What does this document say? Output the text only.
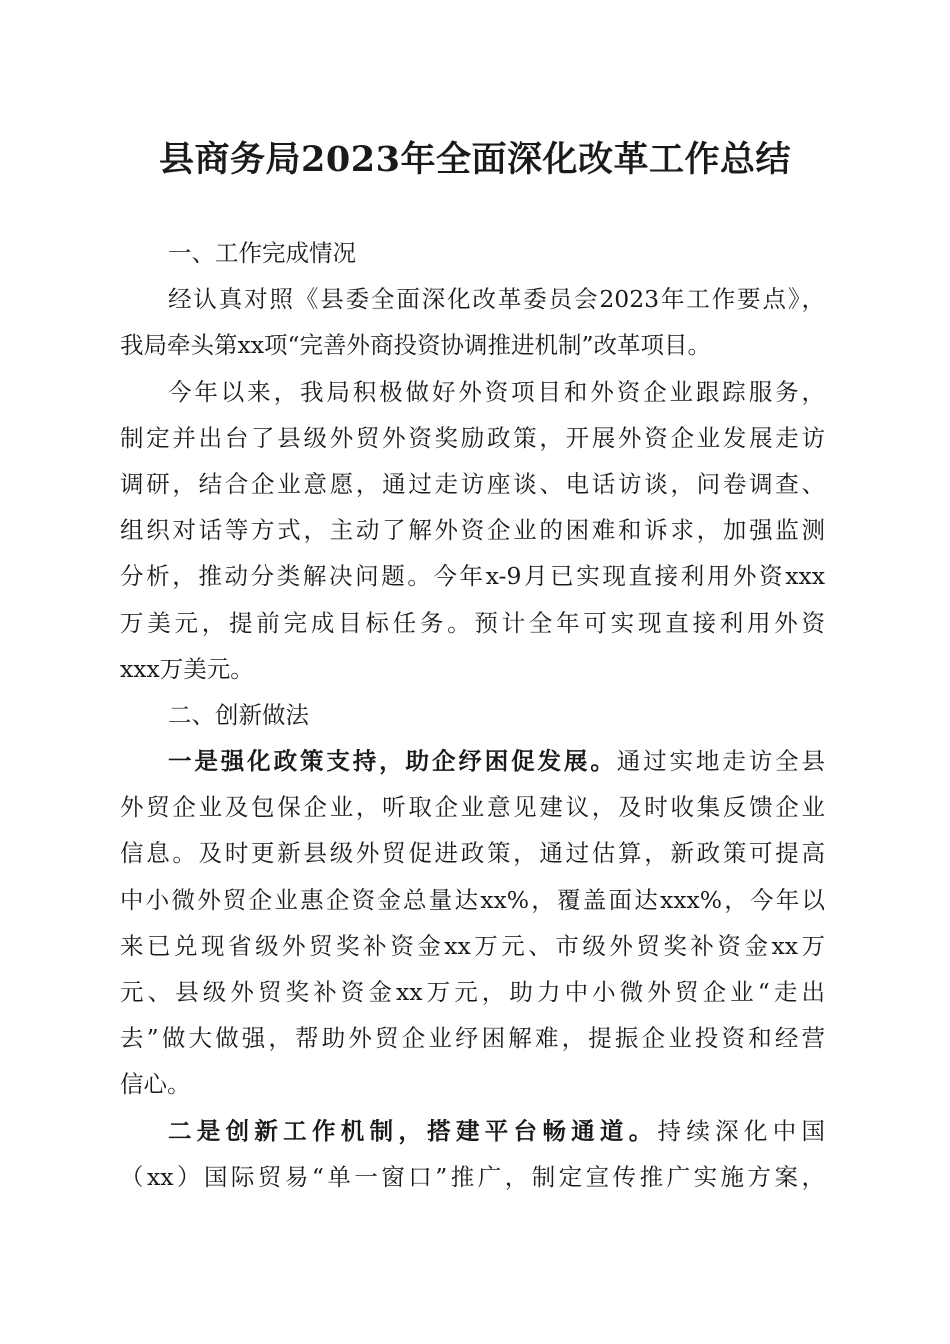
县商务局2023年全面深化改革工作总结
一、工作完成情况
经认真对照《县委全面深化改革委员会2023年工作要点》，
我局牵头第xx项“完善外商投资协调推进机制”改革项目。
今年以来，我局积极做好外资项目和外资企业跟踪服务，
制定并出台了县级外贸外资奖励政策，开展外资企业发展走访
调研，结合企业意愿，通过走访座谈、电话访谈，问卷调查、
组织对话等方式，主动了解外资企业的困难和诉求，加强监测
分析，推动分类解决问题。今年x-9月已实现直接利用外资xxx
万美元，提前完成目标任务。预计全年可实现直接利用外资
xxx万美元。
二、创新做法
一是强化政策支持，助企纾困促发展。通过实地走访全县
外贸企业及包保企业，听取企业意见建议，及时收集反馈企业
信息。及时更新县级外贸促进政策，通过估算，新政策可提高
中小微外贸企业惠企资金总量达xx%，覆盖面达xxx%，今年以
来已兑现省级外贸奖补资金xx万元、市级外贸奖补资金xx万
元、县级外贸奖补资金xx万元，助力中小微外贸企业“走出
去”做大做强，帮助外贸企业纾困解难，提振企业投资和经营
信心。
二是创新工作机制，搭建平台畅通道。持续深化中国
（xx）国际贸易“单一窗口”推广，制定宣传推广实施方案，
